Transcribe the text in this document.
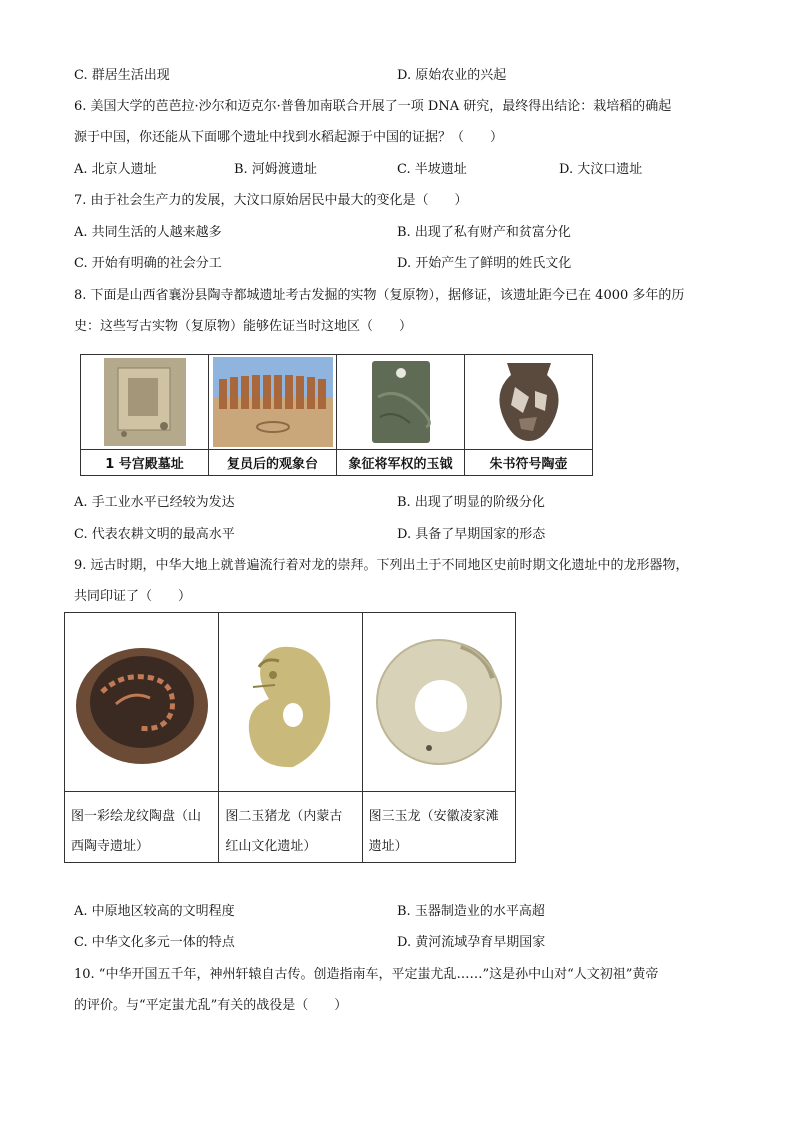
C. 群居生活出现	D. 原始农业的兴起
6. 美国大学的芭芭拉·沙尔和迈克尔·普鲁加南联合开展了一项 DNA 研究，最终得出结论：栽培稻的确起
源于中国，你还能从下面哪个遗址中找到水稻起源于中国的证据？（　　）
A. 北京人遗址	B. 河姆渡遗址	C. 半坡遗址	D. 大汶口遗址
7. 由于社会生产力的发展，大汶口原始居民中最大的变化是（　　）
A. 共同生活的人越来越多	B. 出现了私有财产和贫富分化
C. 开始有明确的社会分工	D. 开始产生了鲜明的姓氏文化
8. 下面是山西省襄汾县陶寺都城遗址考古发掘的实物（复原物），据修证，该遗址距今已在 4000 多年的历
史：这些写古实物（复原物）能够佐证当时这地区（　　）
1 号宫殿墓址	复员后的观象台	象征将军权的玉钺	朱书符号陶壶
A. 手工业水平已经较为发达	B. 出现了明显的阶级分化
C. 代表农耕文明的最高水平	D. 具备了早期国家的形态
9. 远古时期，中华大地上就普遍流行着对龙的崇拜。下列出土于不同地区史前时期文化遗址中的龙形器物，
共同印证了（　　）
图一彩绘龙纹陶盘（山
西陶寺遗址）
图二玉猪龙（内蒙古
红山文化遗址）
图三玉龙（安徽凌家滩
遗址）
A. 中原地区较高的文明程度	B. 玉器制造业的水平高超
C. 中华文化多元一体的特点	D. 黄河流域孕育早期国家
10. “中华开国五千年，神州轩辕自古传。创造指南车，平定蚩尤乱……”这是孙中山对“人文初祖”黄帝
的评价。与“平定蚩尤乱”有关的战役是（　　）
